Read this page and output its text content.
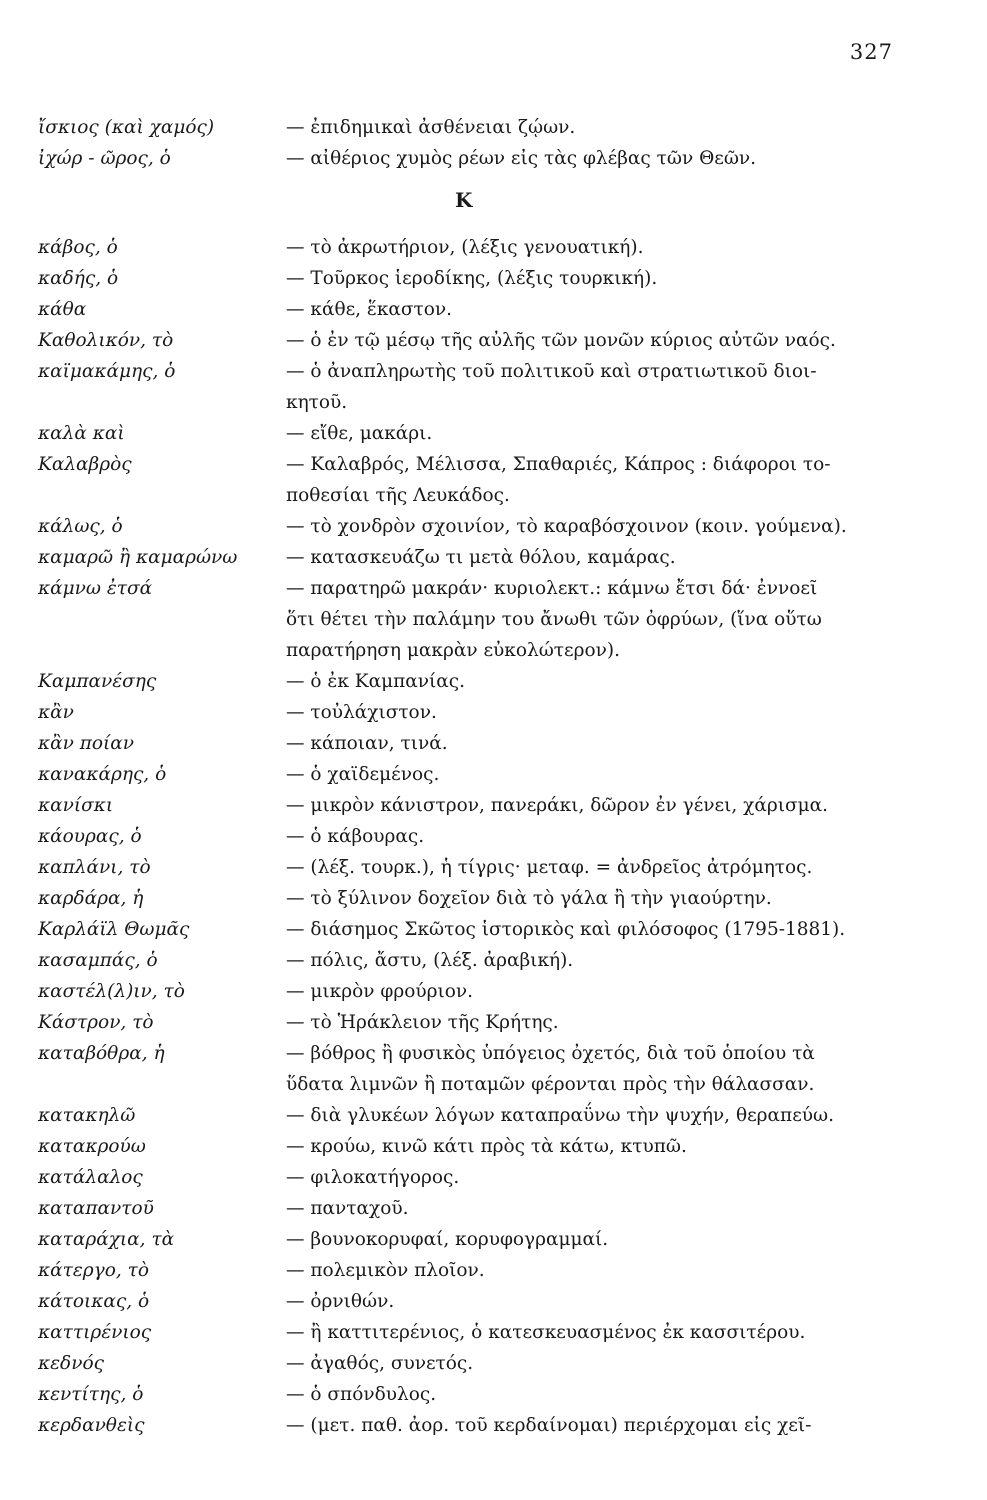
327
ἴσκιος (καὶ χαμός)	— ἐπιδημικαὶ ἀσθένειαι ζῴων.
ἰχώρ - ῶρος, ὁ	— αἰθέριος χυμὸς ρέων εἰς τὰς φλέβας τῶν Θεῶν.
Κ
κάβος, ὁ	— τὸ ἀκρωτήριον, (λέξις γενουατική).
καδής, ὁ	— Τοῦρκος ἱεροδίκης, (λέξις τουρκική).
κάθα	— κάθε, ἕκαστον.
Καθολικόν, τὸ	— ὁ ἐν τῷ μέσῳ τῆς αὐλῆς τῶν μονῶν κύριος αὐτῶν ναός.
καϊμακάμης, ὁ	— ὁ ἀναπληρωτὴς τοῦ πολιτικοῦ καὶ στρατιωτικοῦ διοι-
κητοῦ.
καλὰ καὶ	— εἴθε, μακάρι.
Καλαβρὸς	— Καλαβρός, Μέλισσα, Σπαθαριές, Κάπρος : διάφοροι το-
ποθεσίαι τῆς Λευκάδος.
κάλως, ὁ	— τὸ χονδρὸν σχοινίον, τὸ καραβόσχοινον (κοιν. γούμενα).
καμαρῶ ἢ καμαρώνω	— κατασκευάζω τι μετὰ θόλου, καμάρας.
κάμνω ἐτσά	— παρατηρῶ μακράν· κυριολεκτ.: κάμνω ἔτσι δά· ἐννοεῖ
ὅτι θέτει τὴν παλάμην του ἄνωθι τῶν ὀφρύων, (ἵνα οὕτω
παρατήρηση μακρὰν εὐκολώτερον).
Καμπανέσης	— ὁ ἐκ Καμπανίας.
κἂν	— τοὐλάχιστον.
κἂν ποίαν	— κάποιαν, τινά.
κανακάρης, ὁ	— ὁ χαϊδεμένος.
κανίσκι	— μικρὸν κάνιστρον, πανεράκι, δῶρον ἐν γένει, χάρισμα.
κάουρας, ὁ	— ὁ κάβουρας.
καπλάνι, τὸ	— (λέξ. τουρκ.), ἡ τίγρις· μεταφ. = ἀνδρεῖος ἀτρόμητος.
καρδάρα, ἡ	— τὸ ξύλινον δοχεῖον διὰ τὸ γάλα ἢ τὴν γιαούρτην.
Καρλάϊλ Θωμᾶς	— διάσημος Σκῶτος ἱστορικὸς καὶ φιλόσοφος (1795-1881).
κασαμπάς, ὁ	— πόλις, ἄστυ, (λέξ. ἀραβική).
καστέλ(λ)ιν, τὸ	— μικρὸν φρούριον.
Κάστρον, τὸ	— τὸ Ἡράκλειον τῆς Κρήτης.
καταβόθρα, ἡ	— βόθρος ἢ φυσικὸς ὑπόγειος ὀχετός, διὰ τοῦ ὁποίου τὰ
ὕδατα λιμνῶν ἢ ποταμῶν φέρονται πρὸς τὴν θάλασσαν.
κατακηλῶ	— διὰ γλυκέων λόγων καταπραΰνω τὴν ψυχήν, θεραπεύω.
κατακρούω	— κρούω, κινῶ κάτι πρὸς τὰ κάτω, κτυπῶ.
κατάλαλος	— φιλοκατήγορος.
καταπαντοῦ	— πανταχοῦ.
καταράχια, τὰ	— βουνοκορυφαί, κορυφογραμμαί.
κάτεργο, τὸ	— πολεμικὸν πλοῖον.
κάτοικας, ὁ	— ὀρνιθών.
καττιρένιος	— ἢ καττιτερένιος, ὁ κατεσκευασμένος ἐκ κασσιτέρου.
κεδνός	— ἀγαθός, συνετός.
κεντίτης, ὁ	— ὁ σπόνδυλος.
κερδανθεὶς	— (μετ. παθ. ἀορ. τοῦ κερδαίνομαι) περιέρχομαι εἰς χεῖ-
